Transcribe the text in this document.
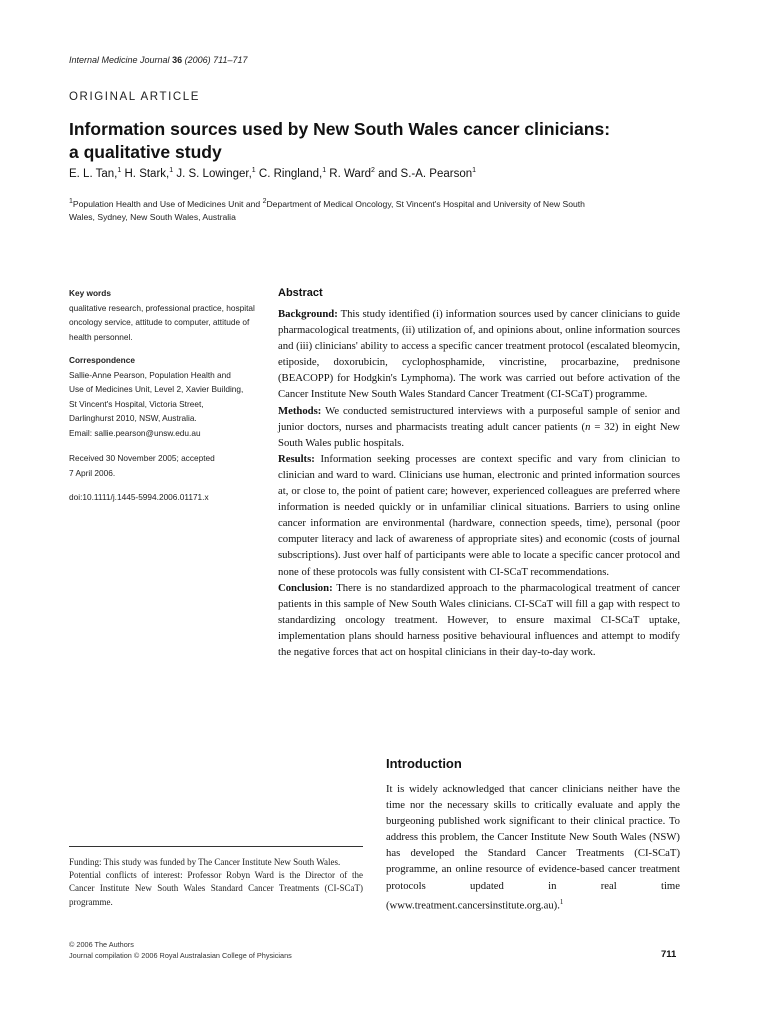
Internal Medicine Journal 36 (2006) 711–717
ORIGINAL ARTICLE
Information sources used by New South Wales cancer clinicians:
a qualitative study
E. L. Tan,$^1$ H. Stark,$^1$ J. S. Lowinger,$^1$ C. Ringland,$^1$ R. Ward$^2$ and S.-A. Pearson$^1$
$^1$Population Health and Use of Medicines Unit and $^2$Department of Medical Oncology, St Vincent's Hospital and University of New South Wales, Sydney, New South Wales, Australia
Key words
qualitative research, professional practice, hospital oncology service, attitude to computer, attitude of health personnel.
Correspondence
Sallie-Anne Pearson, Population Health and
Use of Medicines Unit, Level 2, Xavier Building,
St Vincent's Hospital, Victoria Street,
Darlinghurst 2010, NSW, Australia.
Email: sallie.pearson@unsw.edu.au
Received 30 November 2005; accepted
7 April 2006.
doi:10.1111/j.1445-5994.2006.01171.x
Abstract

Background: This study identified (i) information sources used by cancer clinicians to guide pharmacological treatments, (ii) utilization of, and opinions about, online information sources and (iii) clinicians' ability to access a specific cancer treatment protocol (escalated bleomycin, etiposide, doxorubicin, cyclophosphamide, vincristine, procarbazine, prednisone (BEACOPP) for Hodgkin's Lymphoma). The work was carried out before activation of the Cancer Institute New South Wales Standard Cancer Treatment (CI-SCaT) programme.

Methods: We conducted semistructured interviews with a purposeful sample of senior and junior doctors, nurses and pharmacists treating adult cancer patients (n = 32) in eight New South Wales public hospitals.

Results: Information seeking processes are context specific and vary from clinician to clinician and ward to ward. Clinicians use human, electronic and printed information sources at, or close to, the point of patient care; however, experienced colleagues are preferred where information is needed quickly or in unfamiliar clinical situations. Barriers to using online cancer information are environmental (hardware, connection speeds, time), personal (poor computer literacy and lack of awareness of appropriate sites) and economic (costs of journal subscriptions). Just over half of participants were able to locate a specific cancer protocol and none of these protocols was fully consistent with CI-SCaT recommendations.

Conclusion: There is no standardized approach to the pharmacological treatment of cancer patients in this sample of New South Wales clinicians. CI-SCaT will fill a gap with respect to standardizing oncology treatment. However, to ensure maximal CI-SCaT uptake, implementation plans should harness positive behavioural influences and attempt to modify the negative forces that act on hospital clinicians in their day-to-day work.

Introduction

It is widely acknowledged that cancer clinicians neither have the time nor the necessary skills to critically evaluate and apply the burgeoning published work significant to their clinical practice. To address this problem, the Cancer Institute New South Wales (NSW) has developed the Standard Cancer Treatments (CI-SCaT) programme, an online resource of evidence-based cancer treatment protocols updated in real time (www.treatment.cancersinstitute.org.au).$^1$

Funding: This study was funded by The Cancer Institute New South Wales.

Potential conflicts of interest: Professor Robyn Ward is the Director of the Cancer Institute New South Wales Standard Cancer Treatments (CI-SCaT) programme.

© 2006 The Authors
Journal compilation © 2006 Royal Australasian College of Physicians	711
